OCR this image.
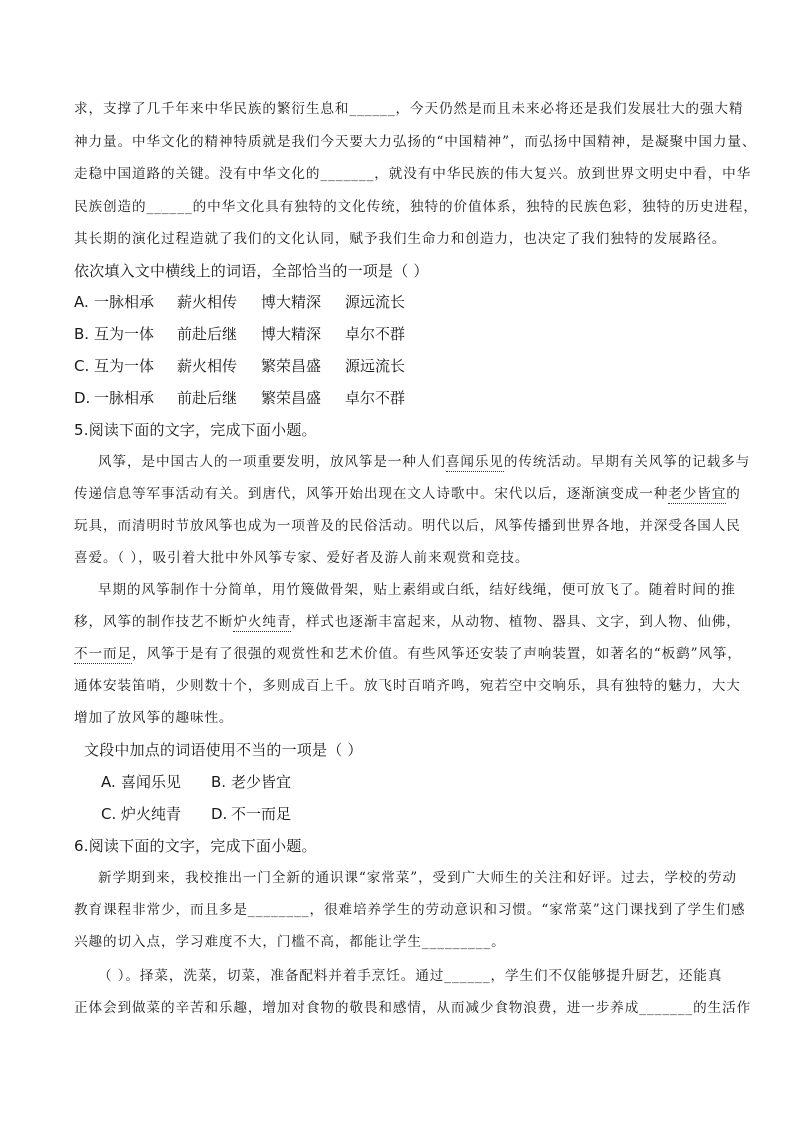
求，支撑了几千年来中华民族的繁衍生息和______，今天仍然是而且未来必将还是我们发展壮大的强大精
神力量。中华文化的精神特质就是我们今天要大力弘扬的“中国精神”，而弘扬中国精神，是凝聚中国力量、
走稳中国道路的关键。没有中华文化的_______，就没有中华民族的伟大复兴。放到世界文明史中看，中华
民族创造的______的中华文化具有独特的文化传统，独特的价值体系，独特的民族色彩，独特的历史进程，
其长期的演化过程造就了我们的文化认同，赋予我们生命力和创造力，也决定了我们独特的发展路径。
依次填入文中横线上的词语，全部恰当的一项是（ ）
A. 一脉相承 薪火相传 博大精深 源远流长
B. 互为一体 前赴后继 博大精深 卓尔不群
C. 互为一体 薪火相传 繁荣昌盛 源远流长
D. 一脉相承 前赴后继 繁荣昌盛 卓尔不群
5.阅读下面的文字，完成下面小题。
风筝，是中国古人的一项重要发明，放风筝是一种人们喜闻乐见的传统活动。早期有关风筝的记载多与
传递信息等军事活动有关。到唐代，风筝开始出现在文人诗歌中。宋代以后，逐渐演变成一种老少皆宜的
玩具，而清明时节放风筝也成为一项普及的民俗活动。明代以后，风筝传播到世界各地，并深受各国人民
喜爱。（ ），吸引着大批中外风筝专家、爱好者及游人前来观赏和竞技。
早期的风筝制作十分简单，用竹篾做骨架，贴上素绢或白纸，结好线绳，便可放飞了。随着时间的推
移，风筝的制作技艺不断炉火纯青，样式也逐渐丰富起来，从动物、植物、器具、文字，到人物、仙佛，
不一而足，风筝于是有了很强的观赏性和艺术价值。有些风筝还安装了声响装置，如著名的“板鹞”风筝，
通体安装笛哨，少则数十个，多则成百上千。放飞时百哨齐鸣，宛若空中交响乐，具有独特的魅力，大大
增加了放风筝的趣味性。
文段中加点的词语使用不当的一项是（ ）
A. 喜闻乐见 B. 老少皆宜
C. 炉火纯青 D. 不一而足
6.阅读下面的文字，完成下面小题。
新学期到来，我校推出一门全新的通识课“家常菜”，受到广大师生的关注和好评。过去，学校的劳动
教育课程非常少，而且多是________，很难培养学生的劳动意识和习惯。“家常菜”这门课找到了学生们感
兴趣的切入点，学习难度不大，门槛不高，都能让学生_________。
（ ）。择菜，洗菜，切菜，准备配料并着手烹饪。通过______，学生们不仅能够提升厨艺，还能真
正体会到做菜的辛苦和乐趣，增加对食物的敬畏和感情，从而减少食物浪费，进一步养成_______的生活作
